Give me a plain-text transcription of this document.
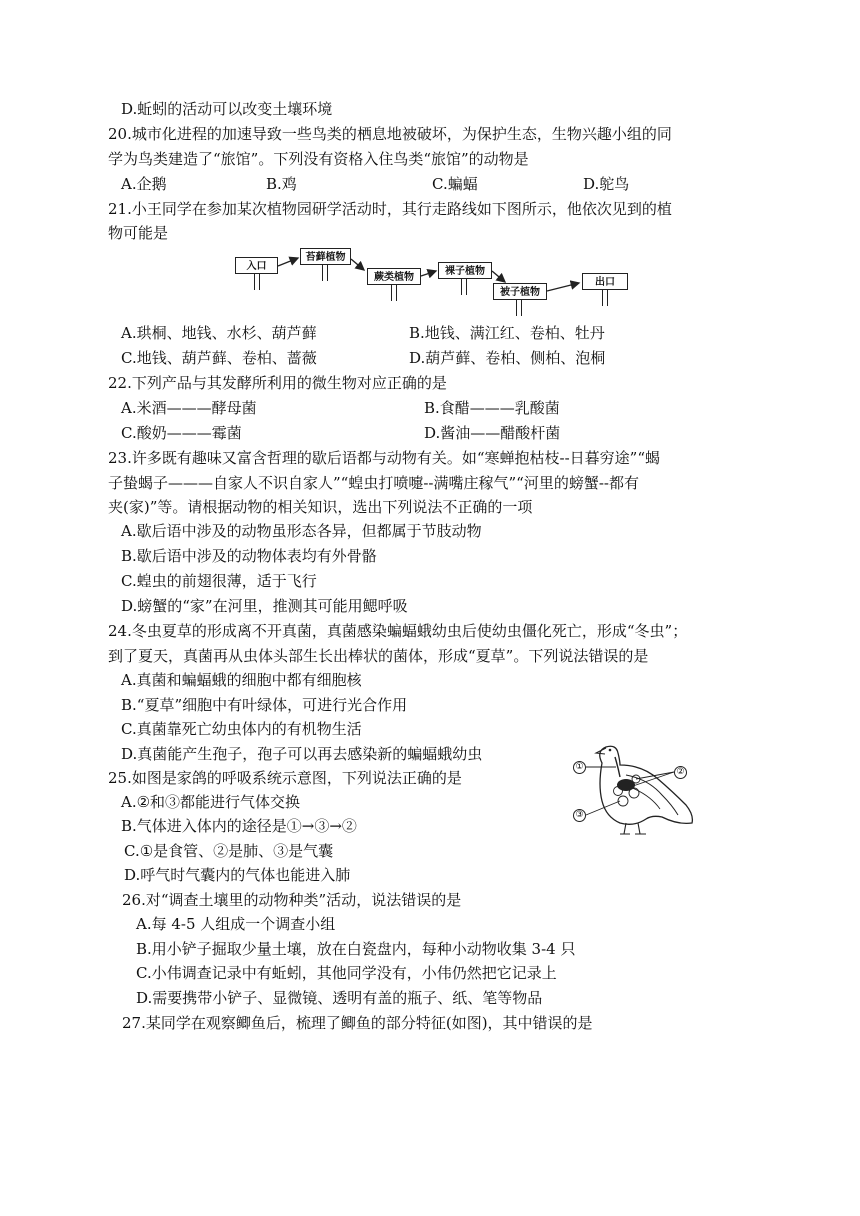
D.蚯蚓的活动可以改变土壤环境
20.城市化进程的加速导致一些鸟类的栖息地被破坏，为保护生态，生物兴趣小组的同
学为鸟类建造了“旅馆”。下列没有资格入住鸟类“旅馆”的动物是
A.企鹅	B.鸡	C.蝙蝠	D.鸵鸟
21.小王同学在参加某次植物园研学活动时，其行走路线如下图所示，他依次见到的植
物可能是
入口
苔藓植物
蕨类植物
裸子植物
被子植物
出口
A.珙桐、地钱、水杉、葫芦藓	B.地钱、满江红、卷柏、牡丹
C.地钱、葫芦藓、卷柏、蔷薇	D.葫芦藓、卷柏、侧柏、泡桐
22.下列产品与其发酵所利用的微生物对应正确的是
A.米酒———酵母菌	B.食醋———乳酸菌
C.酸奶———霉菌	D.酱油——醋酸杆菌
23.许多既有趣味又富含哲理的歇后语都与动物有关。如“寒蝉抱枯枝--日暮穷途”“蝎
子蛰蝎子———自家人不识自家人”“蝗虫打喷嚏--满嘴庄稼气”“河里的螃蟹--都有
夹(家)”等。请根据动物的相关知识，选出下列说法不正确的一项
A.歇后语中涉及的动物虽形态各异，但都属于节肢动物
B.歇后语中涉及的动物体表均有外骨骼
C.蝗虫的前翅很薄，适于飞行
D.螃蟹的“家”在河里，推测其可能用鳃呼吸
24.冬虫夏草的形成离不开真菌，真菌感染蝙蝠蛾幼虫后使幼虫僵化死亡，形成“冬虫”；
到了夏天，真菌再从虫体头部生长出棒状的菌体，形成“夏草”。下列说法错误的是
A.真菌和蝙蝠蛾的细胞中都有细胞核
B.“夏草”细胞中有叶绿体，可进行光合作用
C.真菌靠死亡幼虫体内的有机物生活
D.真菌能产生孢子，孢子可以再去感染新的蝙蝠蛾幼虫
25.如图是家鸽的呼吸系统示意图，下列说法正确的是
A.②和③都能进行气体交换
B.气体进入体内的途径是①→③→②
C.①是食管、②是肺、③是气囊
D.呼气时气囊内的气体也能进入肺
①	②
③
26.对“调查土壤里的动物种类”活动，说法错误的是
A.每 4-5 人组成一个调查小组
B.用小铲子掘取少量土壤，放在白瓷盘内，每种小动物收集 3-4 只
C.小伟调查记录中有蚯蚓，其他同学没有，小伟仍然把它记录上
D.需要携带小铲子、显微镜、透明有盖的瓶子、纸、笔等物品
27.某同学在观察鲫鱼后，梳理了鲫鱼的部分特征(如图)，其中错误的是
